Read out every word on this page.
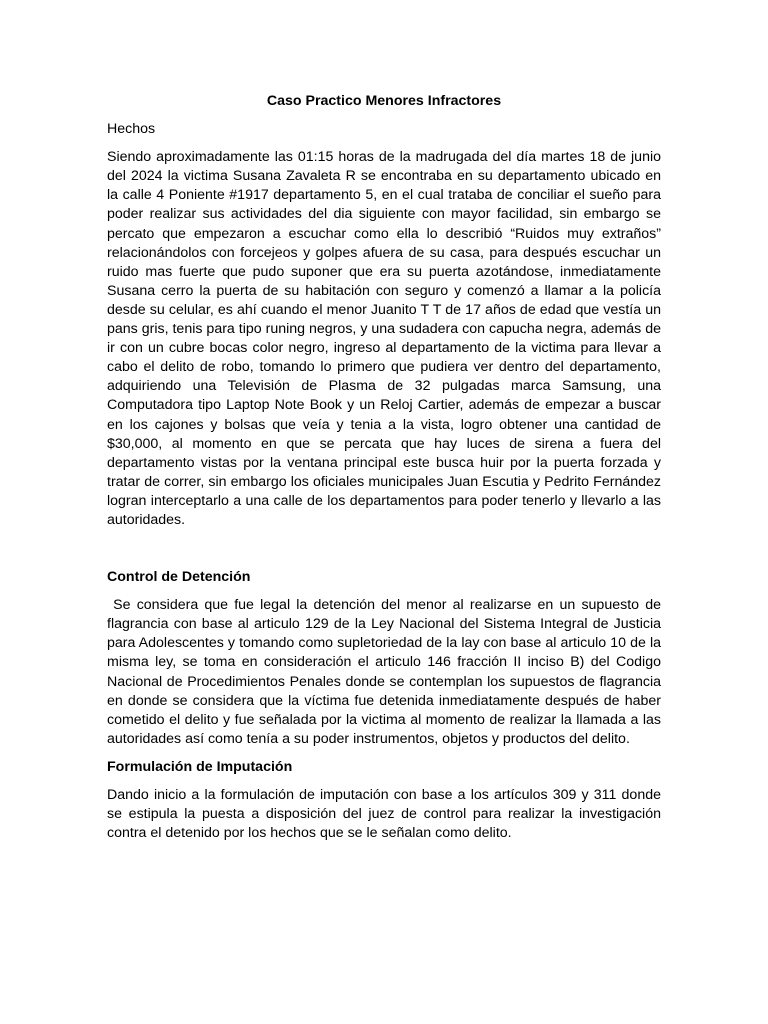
Caso Practico Menores Infractores
Hechos

Siendo aproximadamente las 01:15 horas de la madrugada del día martes 18 de junio del 2024 la victima Susana Zavaleta R se encontraba en su departamento ubicado en la calle 4 Poniente #1917 departamento 5, en el cual trataba de conciliar el sueño para poder realizar sus actividades del dia siguiente con mayor facilidad, sin embargo se percato que empezaron a escuchar como ella lo describió “Ruidos muy extraños” relacionándolos con forcejeos y golpes afuera de su casa, para después escuchar un ruido mas fuerte que pudo suponer que era su puerta azotándose, inmediatamente Susana cerro la puerta de su habitación con seguro y comenzó a llamar a la policía desde su celular, es ahí cuando el menor Juanito T T de 17 años de edad que vestía un pans gris, tenis para tipo runing negros, y una sudadera con capucha negra, además de ir con un cubre bocas color negro, ingreso al departamento de la victima para llevar a cabo el delito de robo, tomando lo primero que pudiera ver dentro del departamento, adquiriendo una Televisión de Plasma de 32 pulgadas marca Samsung, una Computadora tipo Laptop Note Book y un Reloj Cartier, además de empezar a buscar en los cajones y bolsas que veía y tenia a la vista, logro obtener una cantidad de $30,000, al momento en que se percata que hay luces de sirena a fuera del departamento vistas por la ventana principal este busca huir por la puerta forzada y tratar de correr, sin embargo los oficiales municipales Juan Escutia y Pedrito Fernández logran interceptarlo a una calle de los departamentos para poder tenerlo y llevarlo a las autoridades.

Control de Detención

Se considera que fue legal la detención del menor al realizarse en un supuesto de flagrancia con base al articulo 129 de la Ley Nacional del Sistema Integral de Justicia para Adolescentes y tomando como supletoriedad de la lay con base al articulo 10 de la misma ley, se toma en consideración el articulo 146 fracción II inciso B) del Codigo Nacional de Procedimientos Penales donde se contemplan los supuestos de flagrancia en donde se considera que la víctima fue detenida inmediatamente después de haber cometido el delito y fue señalada por la victima al momento de realizar la llamada a las autoridades así como tenía a su poder instrumentos, objetos y productos del delito.

Formulación de Imputación

Dando inicio a la formulación de imputación con base a los artículos 309 y 311 donde se estipula la puesta a disposición del juez de control para realizar la investigación contra el detenido por los hechos que se le señalan como delito.
